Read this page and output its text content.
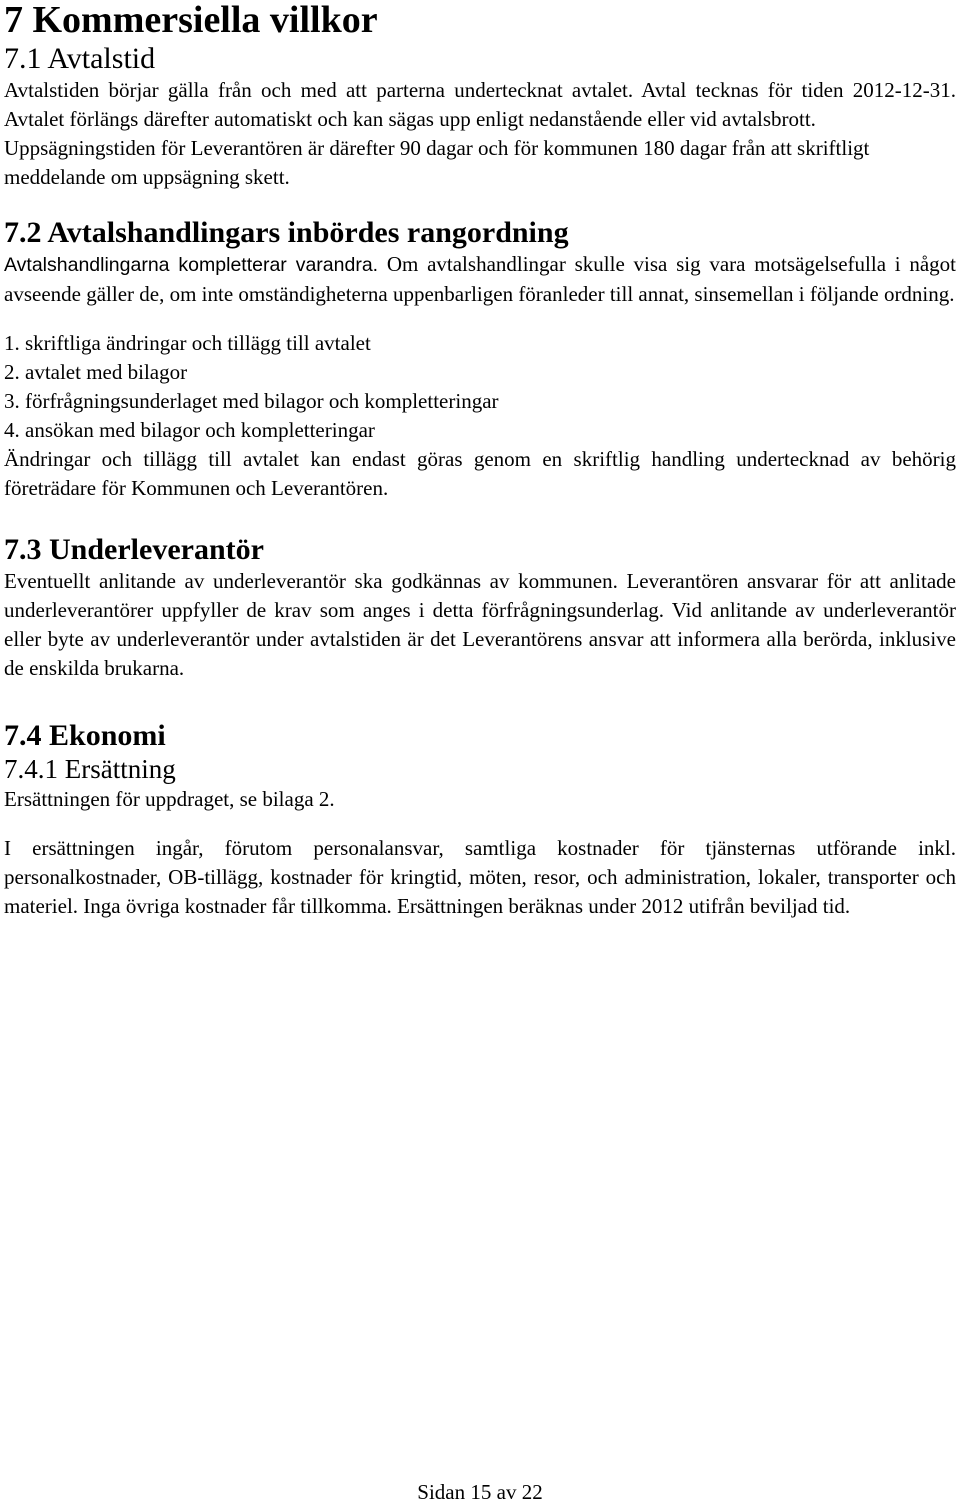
7 Kommersiella villkor
7.1 Avtalstid

Avtalstiden börjar gälla från och med att parterna undertecknat avtalet. Avtal tecknas för tiden 2012-12-31. Avtalet förlängs därefter automatiskt och kan sägas upp enligt nedanstående eller vid avtalsbrott.

Uppsägningstiden för Leverantören är därefter 90 dagar och för kommunen 180 dagar från att skriftligt meddelande om uppsägning skett.

7.2 Avtalshandlingars inbördes rangordning

Avtalshandlingarna kompletterar varandra. Om avtalshandlingar skulle visa sig vara motsägelsefulla i något avseende gäller de, om inte omständigheterna uppenbarligen föranleder till annat, sinsemellan i följande ordning.

1. skriftliga ändringar och tillägg till avtalet
2. avtalet med bilagor
3. förfrågningsunderlaget med bilagor och kompletteringar
4. ansökan med bilagor och kompletteringar

Ändringar och tillägg till avtalet kan endast göras genom en skriftlig handling undertecknad av behörig företrädare för Kommunen och Leverantören.

7.3 Underleverantör

Eventuellt anlitande av underleverantör ska godkännas av kommunen. Leverantören ansvarar för att anlitade underleverantörer uppfyller de krav som anges i detta förfrågningsunderlag. Vid anlitande av underleverantör eller byte av underleverantör under avtalstiden är det Leverantörens ansvar att informera alla berörda, inklusive de enskilda brukarna.

7.4 Ekonomi
7.4.1 Ersättning

Ersättningen för uppdraget, se bilaga 2.

I ersättningen ingår, förutom personalansvar, samtliga kostnader för tjänsternas utförande inkl. personalkostnader, OB-tillägg, kostnader för kringtid, möten, resor, och administration, lokaler, transporter och materiel. Inga övriga kostnader får tillkomma. Ersättningen beräknas under 2012 utifrån beviljad tid.

Sidan 15 av 22
